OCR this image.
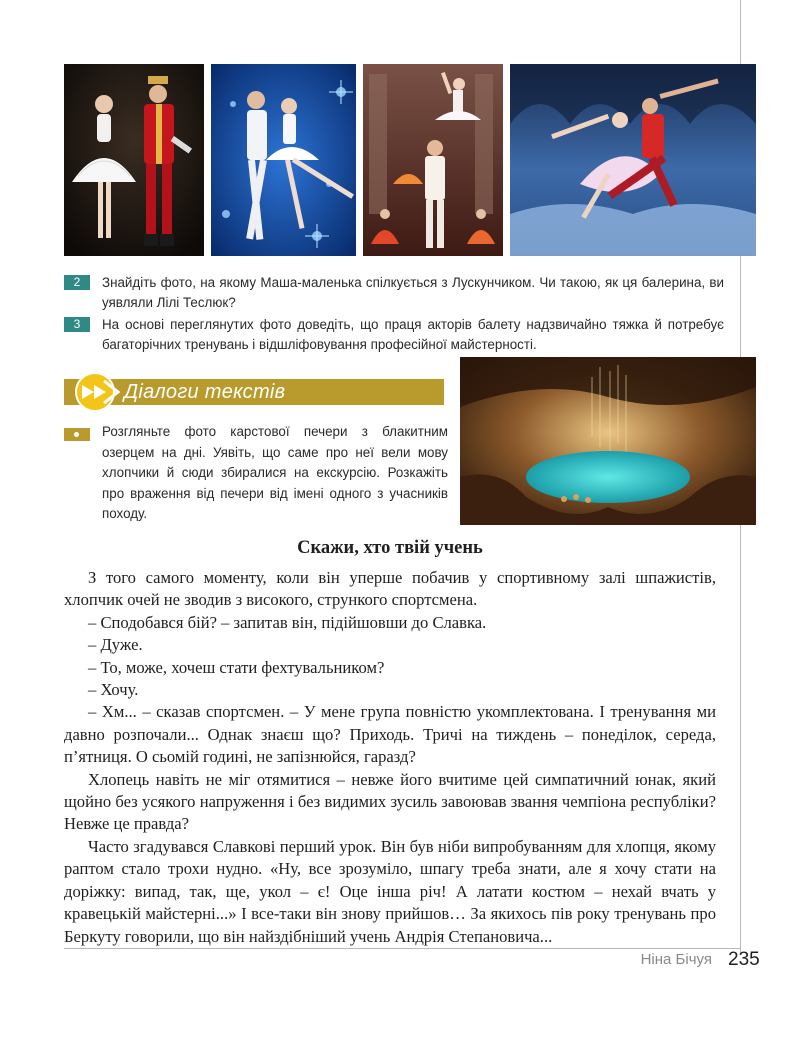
2	Знайдіть фото, на якому Маша-маленька спілкується з Лускунчиком. Чи такою, як ця балерина, ви уявляли Лілі Теслюк?
3	На основі переглянутих фото доведіть, що праця акторів балету надзвичайно тяжка й потребує багаторічних тренувань і відшліфовування професійної майстерності.
Діалоги текстів
Розгляньте фото карстової печери з блакитним озерцем на дні. Уявіть, що саме про неї вели мову хлопчики й сюди збиралися на екскурсію. Розкажіть про враження від печери від імені одного з учасників походу.
Скажи, хто твій учень

З того самого моменту, коли він уперше побачив у спортивному залі шпажистів, хлопчик очей не зводив з високого, стрункого спортсмена.

– Сподобався бій? – запитав він, підійшовши до Славка.

– Дуже.

– То, може, хочеш стати фехтувальником?

– Хочу.

– Хм... – сказав спортсмен. – У мене група повністю укомплектована. І тренування ми давно розпочали... Однак знаєш що? Приходь. Тричі на тиждень – понеділок, середа, п’ятниця. О сьомій годині, не запізнюйся, гаразд?

Хлопець навіть не міг отямитися – невже його вчитиме цей симпатичний юнак, який щойно без усякого напруження і без видимих зусиль завоював звання чемпіона республіки? Невже це правда?

Часто згадувався Славкові перший урок. Він був ніби випробуванням для хлопця, якому раптом стало трохи нудно. «Ну, все зрозуміло, шпагу треба знати, але я хочу стати на доріжку: випад, так, ще, укол – є! Оце інша річ! А латати костюм – нехай вчать у кравецькій майстерні...» І все-таки він знову прийшов… За якихось пів року тренувань про Беркуту говорили, що він найздібніший учень Андрія Степановича...

Ніна Бічуя 235
